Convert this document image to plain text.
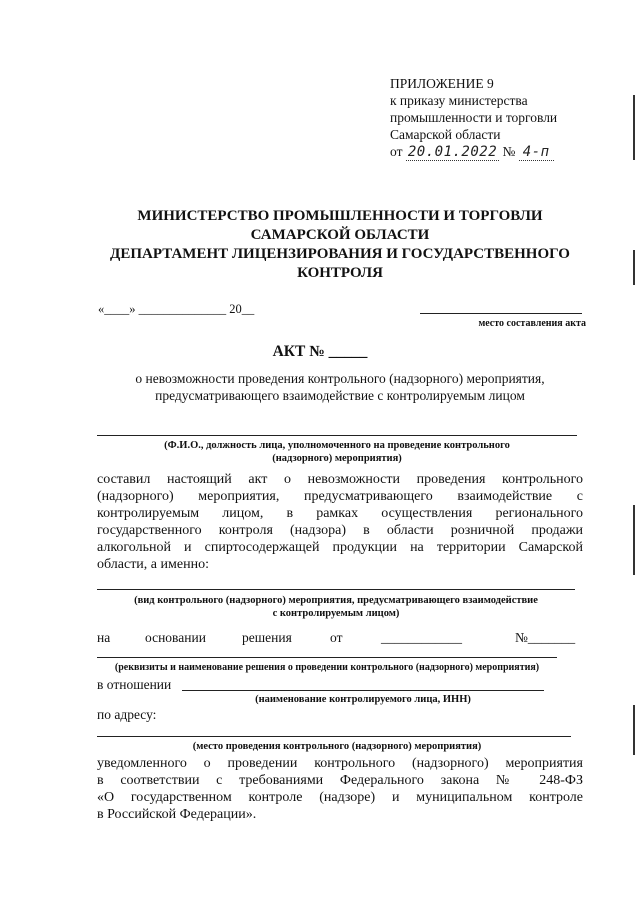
ПРИЛОЖЕНИЕ 9
к приказу министерства
промышленности и торговли
Самарской области
от 20.01.2022 № 4-п
МИНИСТЕРСТВО ПРОМЫШЛЕННОСТИ И ТОРГОВЛИ
САМАРСКОЙ ОБЛАСТИ
ДЕПАРТАМЕНТ ЛИЦЕНЗИРОВАНИЯ И ГОСУДАРСТВЕННОГО
КОНТРОЛЯ
«____» ______________ 20__
место составления акта
АКТ № _____
о невозможности проведения контрольного (надзорного) мероприятия,
предусматривающего взаимодействие с контролируемым лицом
(Ф.И.О., должность лица, уполномоченного на проведение контрольного
(надзорного) мероприятия)
составил настоящий акт о невозможности проведения контрольного
(надзорного) мероприятия, предусматривающего взаимодействие с
контролируемым лицом, в рамках осуществления регионального
государственного контроля (надзора) в области розничной продажи
алкогольной и спиртосодержащей продукции на территории Самарской
области, а именно:
(вид контрольного (надзорного) мероприятия, предусматривающего взаимодействие
с контролируемым лицом)
на	основании	решения	от	____________	№_______
(реквизиты и наименование решения о проведении контрольного (надзорного) мероприятия)
в отношении
(наименование контролируемого лица, ИНН)
по адресу:
(место проведения контрольного (надзорного) мероприятия)
уведомленного о проведении контрольного (надзорного) мероприятия
в соответствии с требованиями Федерального закона № 248-ФЗ
«О государственном контроле (надзоре) и муниципальном контроле
в Российской Федерации».
